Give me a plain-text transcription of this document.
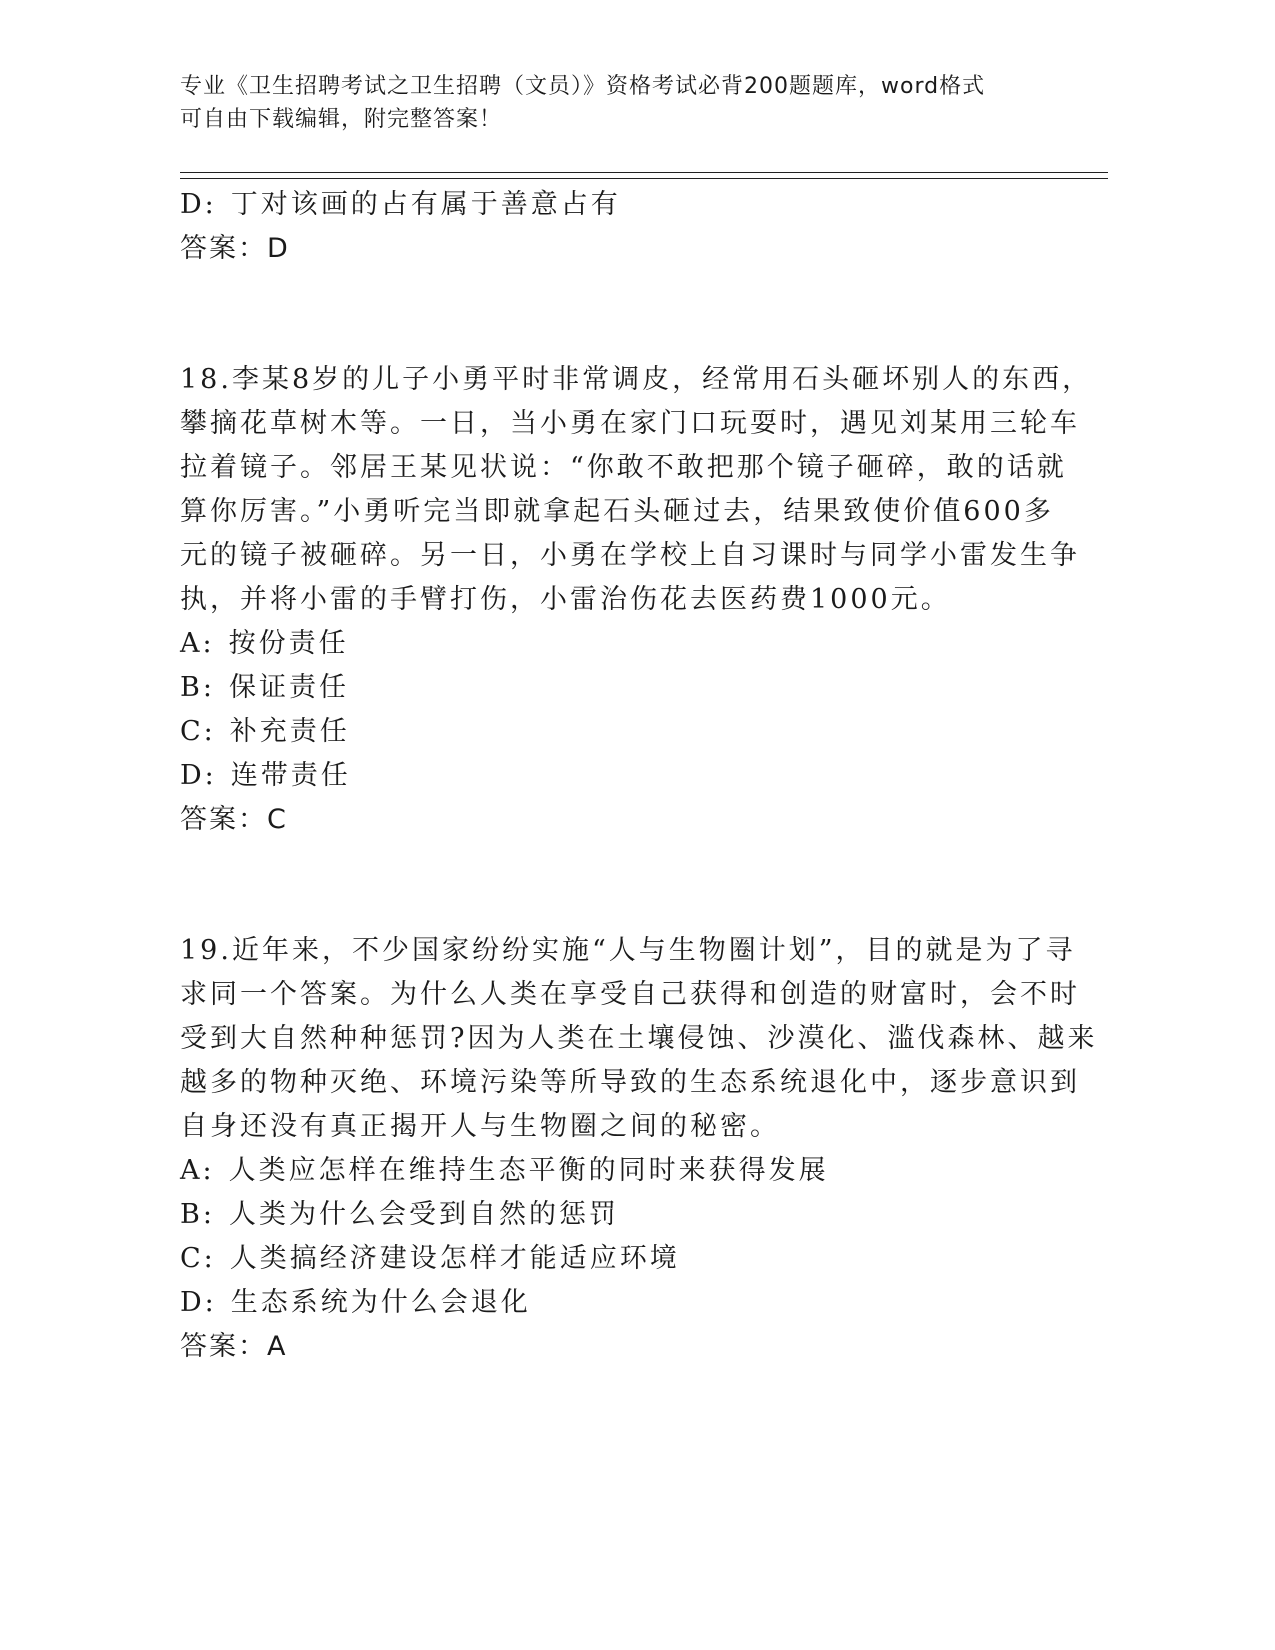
专业《卫生招聘考试之卫生招聘（文员）》资格考试必背200题题库，word格式

可自由下载编辑，附完整答案！

D: 丁对该画的占有属于善意占有

答案：D

18.李某8岁的儿子小勇平时非常调皮，经常用石头砸坏别人的东西，

攀摘花草树木等。一日，当小勇在家门口玩耍时，遇见刘某用三轮车

拉着镜子。邻居王某见状说：“你敢不敢把那个镜子砸碎，敢的话就

算你厉害。”小勇听完当即就拿起石头砸过去，结果致使价值600多

元的镜子被砸碎。另一日，小勇在学校上自习课时与同学小雷发生争

执，并将小雷的手臂打伤，小雷治伤花去医药费1000元。

A: 按份责任

B: 保证责任

C: 补充责任

D: 连带责任

答案：C

19.近年来，不少国家纷纷实施“人与生物圈计划”，目的就是为了寻

求同一个答案。为什么人类在享受自己获得和创造的财富时，会不时

受到大自然种种惩罚?因为人类在土壤侵蚀、沙漠化、滥伐森林、越来

越多的物种灭绝、环境污染等所导致的生态系统退化中，逐步意识到

自身还没有真正揭开人与生物圈之间的秘密。

A: 人类应怎样在维持生态平衡的同时来获得发展

B: 人类为什么会受到自然的惩罚

C: 人类搞经济建设怎样才能适应环境

D: 生态系统为什么会退化

答案：A
